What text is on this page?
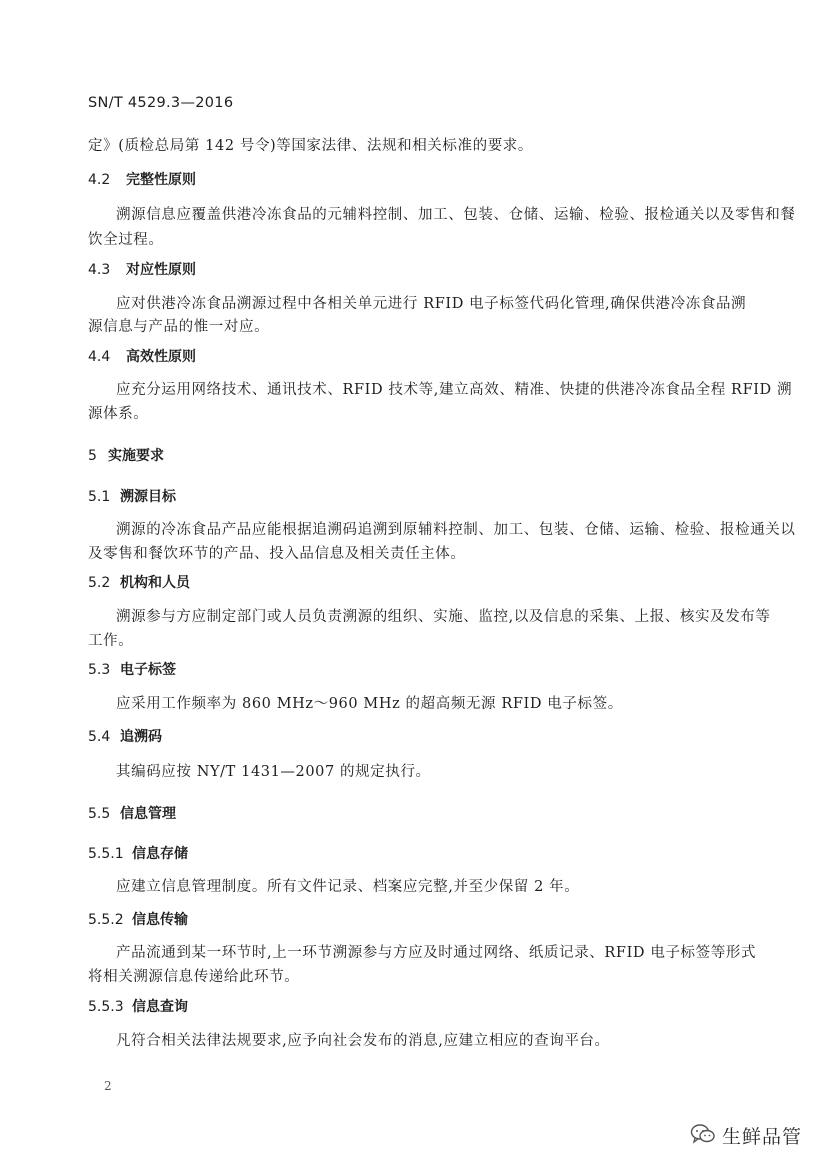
SN/T 4529.3—2016
定》(质检总局第 142 号令)等国家法律、法规和相关标准的要求。
4.2 完整性原则
溯源信息应覆盖供港冷冻食品的元辅料控制、加工、包装、仓储、运输、检验、报检通关以及零售和餐
饮全过程。
4.3 对应性原则
应对供港冷冻食品溯源过程中各相关单元进行 RFID 电子标签代码化管理,确保供港冷冻食品溯
源信息与产品的惟一对应。
4.4 高效性原则
应充分运用网络技术、通讯技术、RFID 技术等,建立高效、精准、快捷的供港冷冻食品全程 RFID 溯
源体系。
5 实施要求
5.1 溯源目标
溯源的冷冻食品产品应能根据追溯码追溯到原辅料控制、加工、包装、仓储、运输、检验、报检通关以
及零售和餐饮环节的产品、投入品信息及相关责任主体。
5.2 机构和人员
溯源参与方应制定部门或人员负责溯源的组织、实施、监控,以及信息的采集、上报、核实及发布等
工作。
5.3 电子标签
应采用工作频率为 860 MHz～960 MHz 的超高频无源 RFID 电子标签。
5.4 追溯码
其编码应按 NY/T 1431—2007 的规定执行。
5.5 信息管理
5.5.1 信息存储
应建立信息管理制度。所有文件记录、档案应完整,并至少保留 2 年。
5.5.2 信息传输
产品流通到某一环节时,上一环节溯源参与方应及时通过网络、纸质记录、RFID 电子标签等形式
将相关溯源信息传递给此环节。
5.5.3 信息查询
凡符合相关法律法规要求,应予向社会发布的消息,应建立相应的查询平台。
2
生鲜品管
